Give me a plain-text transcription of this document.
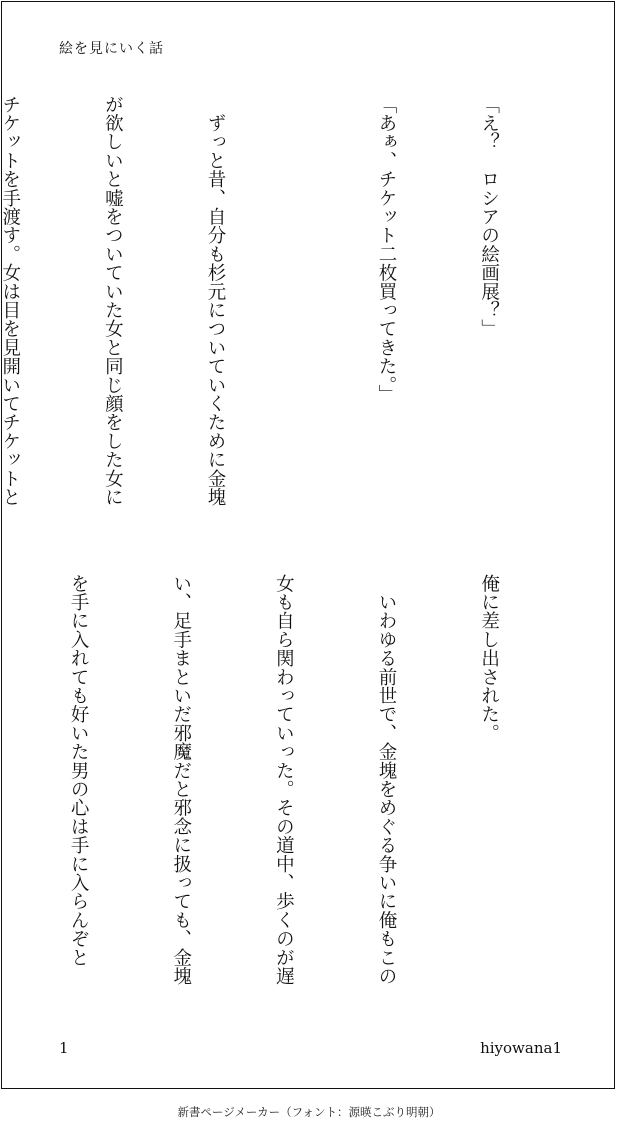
絵を見にいく話

「え？　ロシアの絵画展？」

「あぁ、チケット二枚買ってきた。」

　ずっと昔、自分も杉元についていくために金塊

が欲しいと嘘をついていた女と同じ顔をした女に

チケットを手渡す。女は目を見開いてチケットと

俺に差し出された。

　いわゆる前世で、金塊をめぐる争いに俺もこの

女も自ら関わっていった。その道中、歩くのが遅

い、足手まといだ邪魔だと邪念に扱っても、金塊

を手に入れても好いた男の心は手に入らんぞと

1	hiyowana1
新書ページメーカー（フォント：源暎こぶり明朝）
